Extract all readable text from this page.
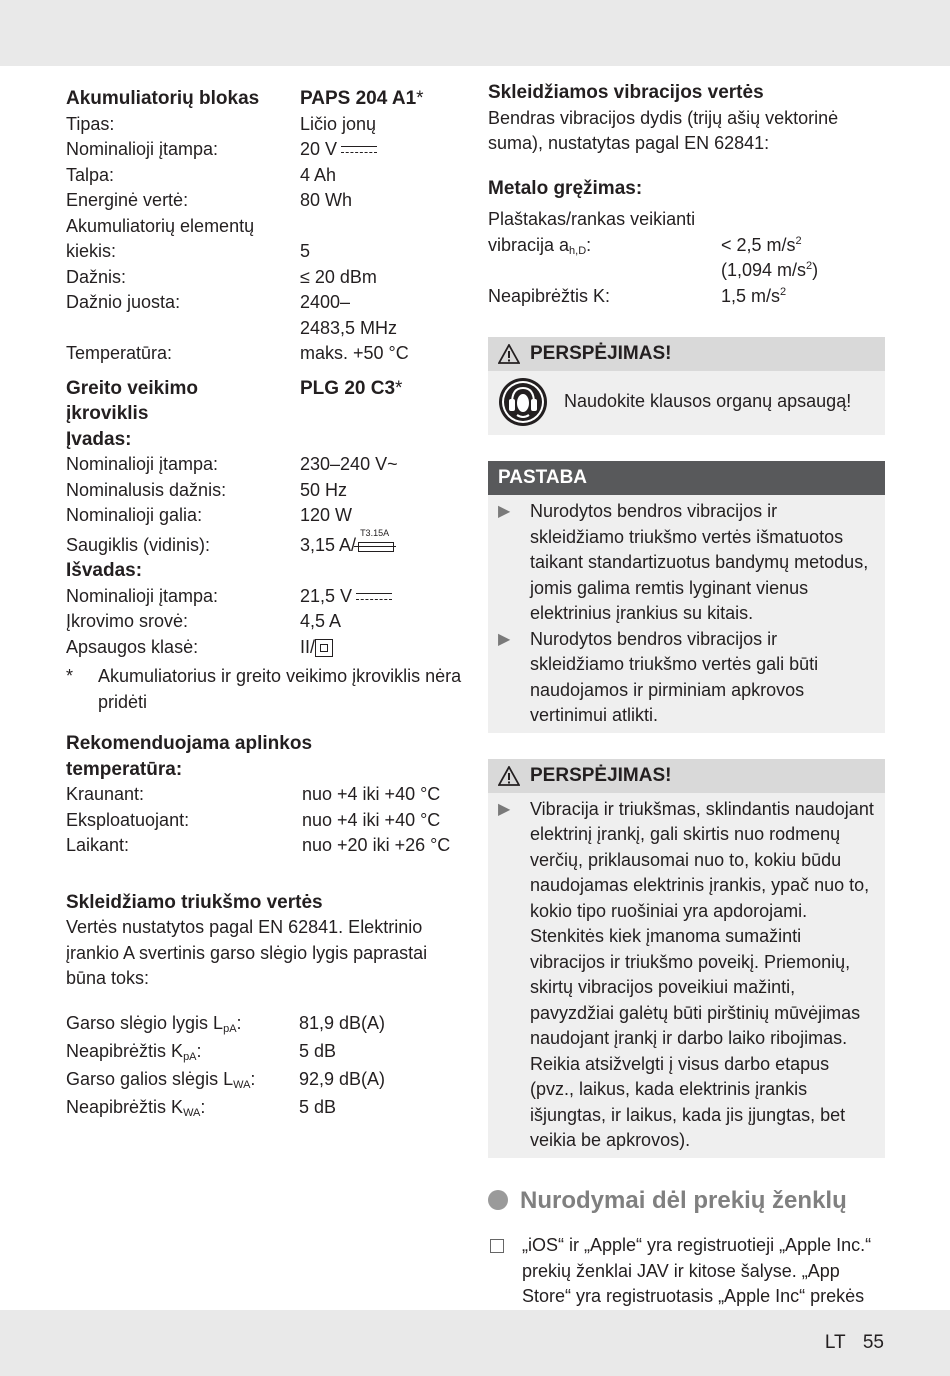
Akumuliatorių blokas	PAPS 204 A1 *
Tipas:	Ličio jonų
Nominalioji įtampa:	20 V
Talpa:	4 Ah
Energinė vertė:	80 Wh
Akumuliatorių elementų
kiekis:	5
Dažnis:	≤ 20 dBm
Dažnio juosta:	2400–
2483,5 MHz
Temperatūra:	maks. +50 °C
Greito veikimo	PLG 20 C3 *
įkroviklis
Įvadas:
Nominalioji įtampa:	230–240 V~
Nominalusis dažnis:	50 Hz
Nominalioji galia:	120 W
Saugiklis (vidinis):	3,15 A/
T3.15A
Išvadas:
Nominalioji įtampa:	21,5 V
Įkrovimo srovė:	4,5 A
Apsaugos klasė:	II/
*	Akumuliatorius ir greito veikimo įkroviklis nėra pridėti
Rekomenduojama aplinkos temperatūra:
Kraunant:	nuo +4 iki +40 °C
Eksploatuojant:	nuo +4 iki +40 °C
Laikant:	nuo +20 iki +26 °C
Skleidžiamo triukšmo vertės
Vertės nustatytos pagal EN 62841. Elektrinio įrankio A svertinis garso slėgio lygis paprastai būna toks:
Garso slėgio lygis $L_{pA}$:	81,9 dB(A)
Neapibrėžtis $K_{pA}$:	5 dB
Garso galios slėgis $L_{WA}$:	92,9 dB(A)
Neapibrėžtis $K_{WA}$:	5 dB
Skleidžiamos vibracijos vertės
Bendras vibracijos dydis (trijų ašių vektorinė suma), nustatytas pagal EN 62841:
Metalo gręžimas:
Plaštakas/rankas veikianti
vibracija $a_{h,D}$:	< 2,5 $m/s^2$
(1,094 $m/s^2$)
Neapibrėžtis K:	1,5 $m/s^2$
PERSPĖJIMAS!
Naudokite klausos organų apsaugą!
PASTABA
▶	Nurodytos bendros vibracijos ir skleidžiamo triukšmo vertės išmatuotos taikant standartizuotus bandymų metodus, jomis galima remtis lyginant vienus elektrinius įrankius su kitais.
▶	Nurodytos bendros vibracijos ir skleidžiamo triukšmo vertės gali būti naudojamos ir pirminiam apkrovos vertinimui atlikti.
PERSPĖJIMAS!
▶	Vibracija ir triukšmas, sklindantis naudojant elektrinį įrankį, gali skirtis nuo rodmenų verčių, priklausomai nuo to, kokiu būdu naudojamas elektrinis įrankis, ypač nuo to, kokio tipo ruošiniai yra apdorojami. Stenkitės kiek įmanoma sumažinti vibracijos ir triukšmo poveikį. Priemonių, skirtų vibracijos poveikiui mažinti, pavyzdžiai galėtų būti pirštinių mūvėjimas naudojant įrankį ir darbo laiko ribojimas. Reikia atsižvelgti į visus darbo etapus (pvz., laikus, kada elektrinis įrankis išjungtas, ir laikus, kada jis įjungtas, bet veikia be apkrovos).
Nurodymai dėl prekių ženklų
„iOS“ ir „Apple“ yra registruotieji „Apple Inc.“ prekių ženklai JAV ir kitose šalyse. „App Store“ yra registruotasis „Apple Inc“ prekės
LT 55
